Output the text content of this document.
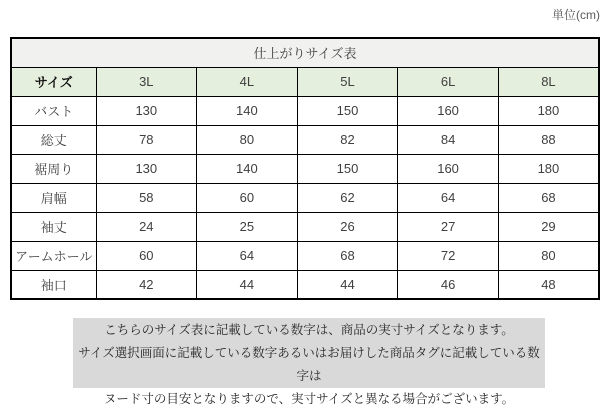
単位(cm)
仕上がりサイズ表					
サイズ	3L	4L	5L	6L	8L
バスト	130	140	150	160	180
総丈	78	80	82	84	88
裾周り	130	140	150	160	180
肩幅	58	60	62	64	68
袖丈	24	25	26	27	29
アームホール	60	64	68	72	80
袖口	42	44	44	46	48
こちらのサイズ表に記載している数字は、商品の実寸サイズとなります。
サイズ選択画面に記載している数字あるいはお届けした商品タグに記載している数字は
ヌード寸の目安となりますので、実寸サイズと異なる場合がございます。
